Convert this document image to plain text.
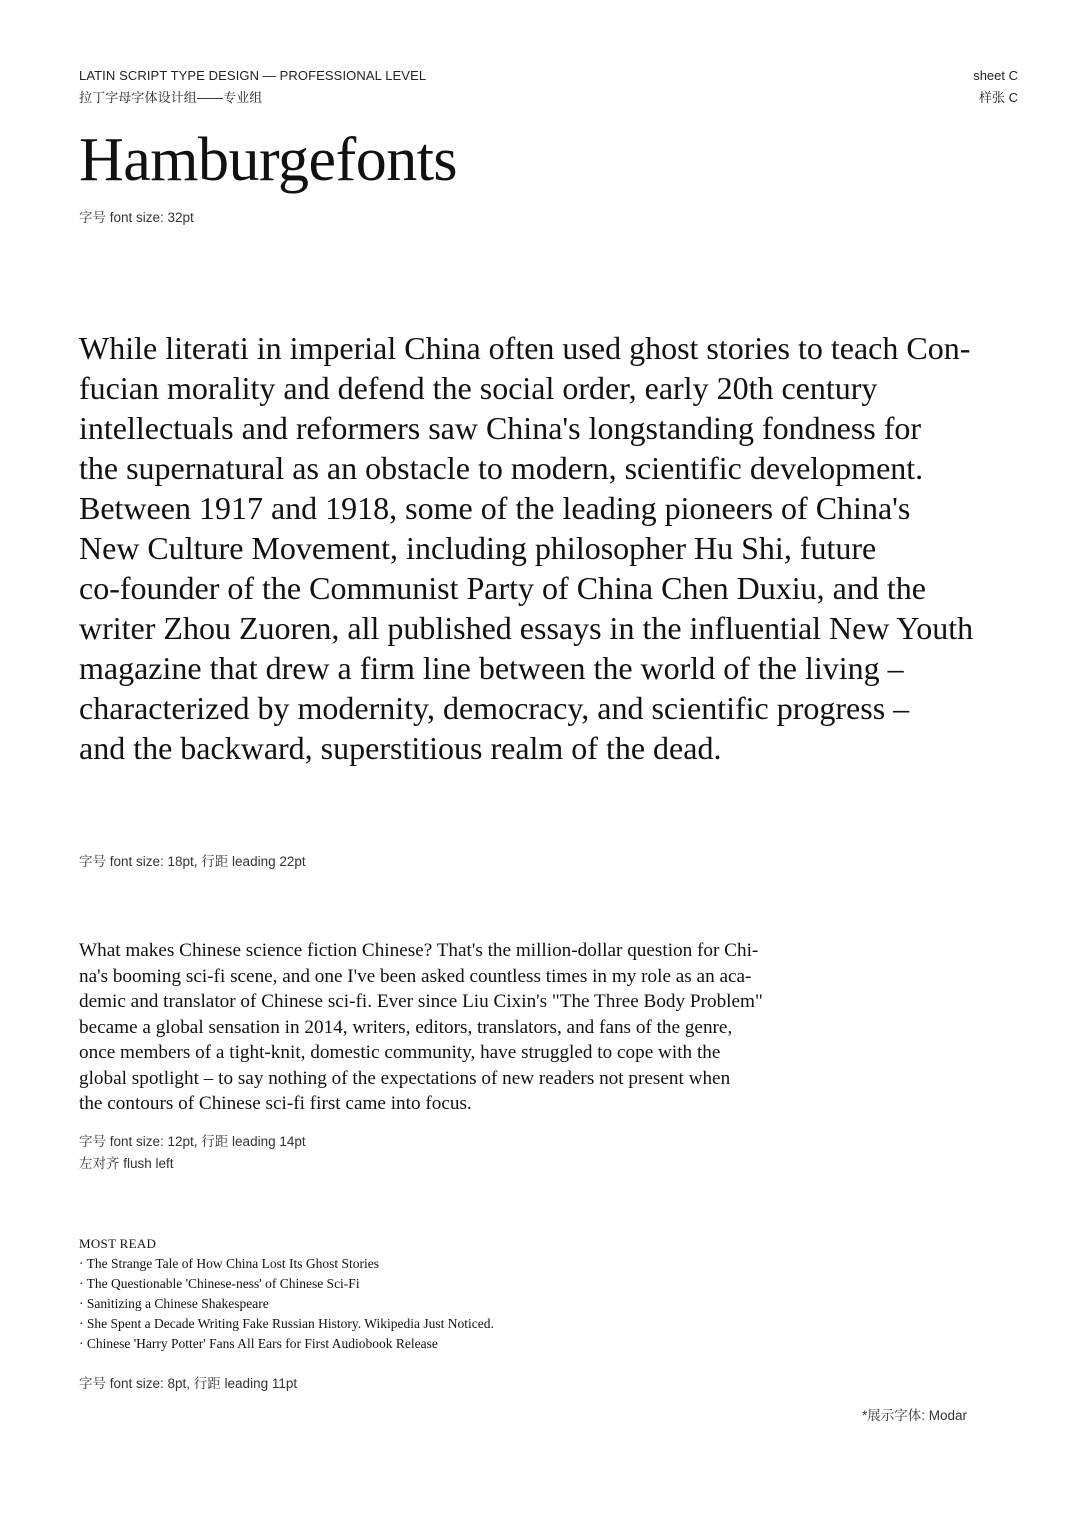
LATIN SCRIPT TYPE DESIGN — PROFESSIONAL LEVEL
拉丁字母字体设计组——专业组
sheet C
样张 C
Hamburgefonts
字号 font size: 32pt
While literati in imperial China often used ghost stories to teach Con-
fucian morality and defend the social order, early 20th century
intellectuals and reformers saw China's longstanding fondness for
the supernatural as an obstacle to modern, scientific development.
Between 1917 and 1918, some of the leading pioneers of China's
New Culture Movement, including philosopher Hu Shi, future
co-founder of the Communist Party of China Chen Duxiu, and the
writer Zhou Zuoren, all published essays in the influential New Youth
magazine that drew a firm line between the world of the living –
characterized by modernity, democracy, and scientific progress –
and the backward, superstitious realm of the dead.
字号 font size: 18pt, 行距 leading 22pt
What makes Chinese science fiction Chinese? That's the million-dollar question for Chi-
na's booming sci-fi scene, and one I've been asked countless times in my role as an aca-
demic and translator of Chinese sci-fi. Ever since Liu Cixin's "The Three Body Problem"
became a global sensation in 2014, writers, editors, translators, and fans of the genre,
once members of a tight-knit, domestic community, have struggled to cope with the
global spotlight – to say nothing of the expectations of new readers not present when
the contours of Chinese sci-fi first came into focus.
字号 font size: 12pt, 行距 leading 14pt
左对齐 flush left
MOST READ
· The Strange Tale of How China Lost Its Ghost Stories
· The Questionable 'Chinese-ness' of Chinese Sci-Fi
· Sanitizing a Chinese Shakespeare
· She Spent a Decade Writing Fake Russian History. Wikipedia Just Noticed.
· Chinese 'Harry Potter' Fans All Ears for First Audiobook Release
字号 font size: 8pt, 行距 leading 11pt
*展示字体: Modar
